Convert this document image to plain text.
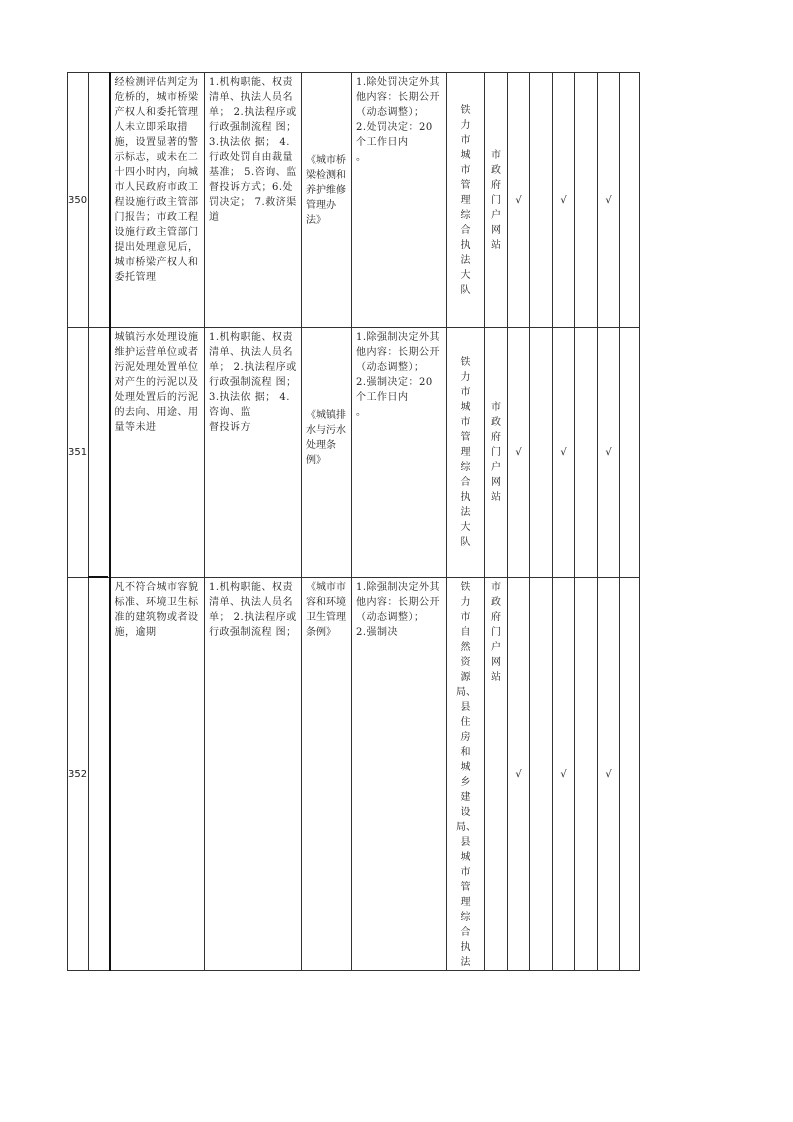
350		经检测评估判定为危桥的，城市桥梁产权人和委托管理人未立即采取措 施，设置显著的警示标志，或未在二十四小时内，向城市人民政府市政工程设施行政主管部门报告；市政工程设施行政主管部门提出处理意见后，城市桥梁产权人和委托管理	1.机构职能、权责清单、执法人员名单； 2.执法程序或行政强制流程 图； 3.执法依 据； 4.行政处罚自由裁量基准； 5.咨询、监督投诉方式；6.处罚决定； 7.救济渠道	《城市桥梁检测和养护维修管理办法》	1.除处罚决定外其他内容：长期公开
（动态调整）；
2.处罚决定：20个工作日内
。	铁力市城市管理综合执法大队	市政府门户网站	√		√		√	
351		城镇污水处理设施维护运营单位或者污泥处理处置单位对产生的污泥以及处理处置后的污泥的去向、用途、用
量等未进	1.机构职能、权责清单、执法人员名单； 2.执法程序或行政强制流程 图； 3.执法依 据； 4.咨询、监
督投诉方	《城镇排水与污水处理条例》	1.除强制决定外其他内容：长期公开
（动态调整）；
2.强制决定：20个工作日内
。	铁力市城市管理综合执法大队	市政府门户网站	√		√		√	
352		凡不符合城市容貌标准、环境卫生标准的建筑物或者设
施，逾期	1.机构职能、权责清单、执法人员名单； 2.执法程序或行政强制流程 图；	《城市市容和环境卫生管理条例》	1.除强制决定外其他内容：长期公开
（动态调整）；
2.强制决	铁力市自然资源局、县住房和城乡建设局、县城市管理综合执法	市政府门户网站	√		√		√	
